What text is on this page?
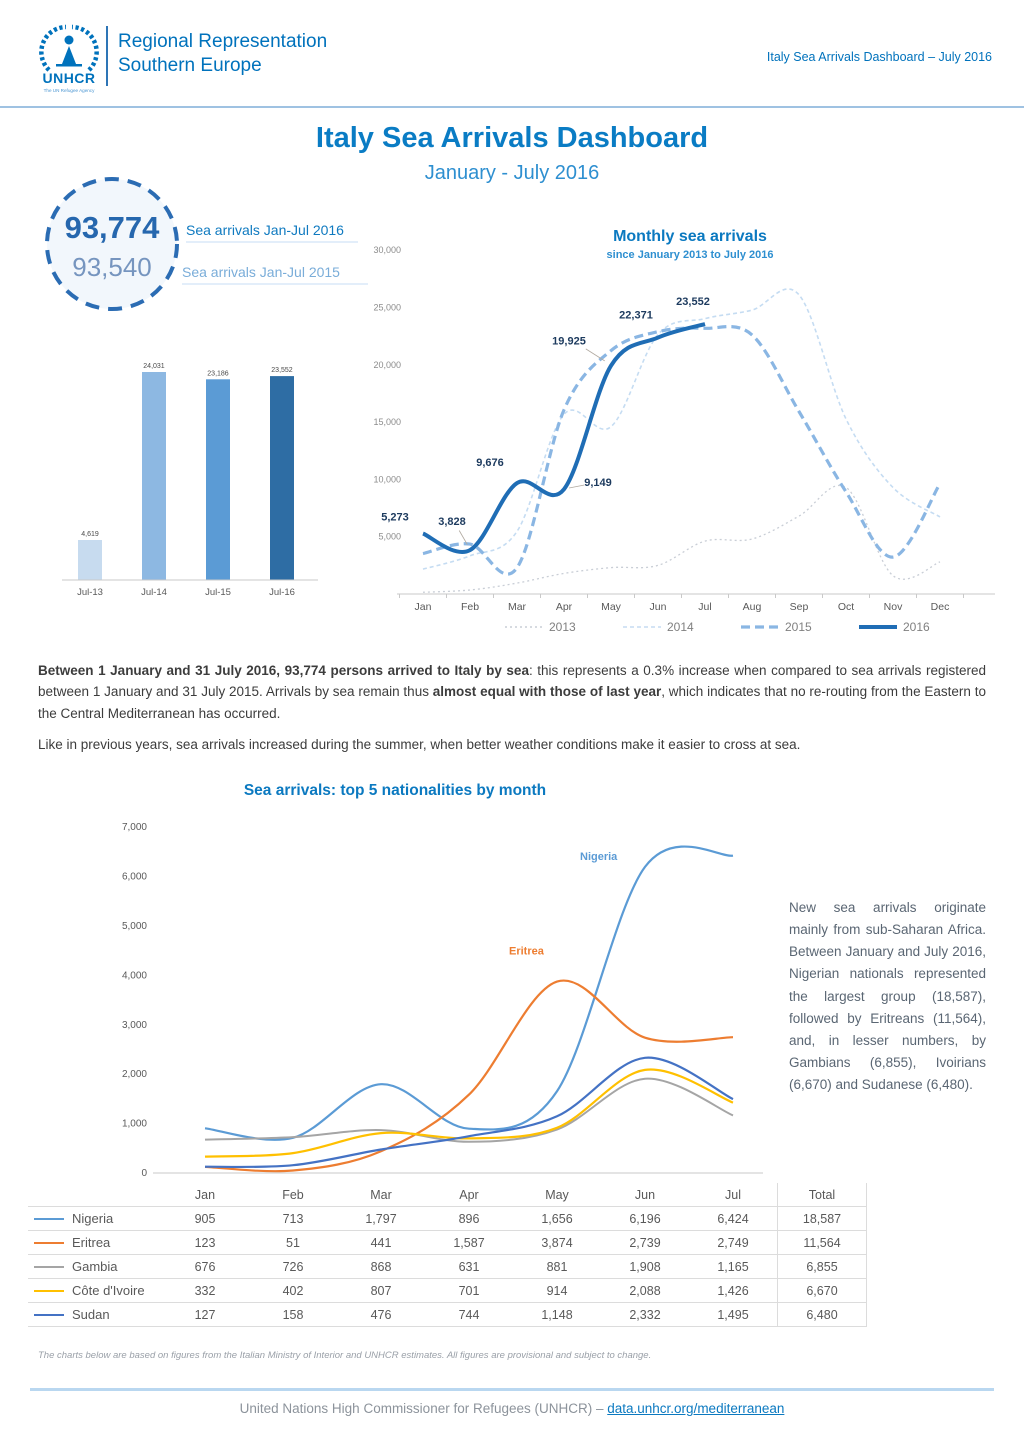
UNHCR
The UN Refugee Agency
Regional Representation
Southern Europe	Italy Sea Arrivals Dashboard – July 2016
Italy Sea Arrivals Dashboard
January - July 2016
93,774
93,540
Sea arrivals Jan-Jul 2016
Sea arrivals Jan-Jul 2015
4,619
Jul-13
24,031
Jul-14
23,186
Jul-15
23,552
Jul-16
Monthly sea arrivals
since January 2013 to July 2016
5,000
10,000
15,000
20,000
25,000
30,000
Jan	Feb	Mar	Apr	May	Jun	Jul	Aug	Sep	Oct	Nov	Dec
5,273	3,828
9,676
9,149
19,925
22,371
23,552
2013	2014	2015	2016

Between 1 January and 31 July 2016, 93,774 persons arrived to Italy by sea: this represents a 0.3% increase when compared to sea arrivals registered between 1 January and 31 July 2015. Arrivals by sea remain thus almost equal with those of last year, which indicates that no re-routing from the Eastern to the Central Mediterranean has occurred.

Like in previous years, sea arrivals increased during the summer, when better weather conditions make it easier to cross at sea.

Sea arrivals: top 5 nationalities by month
0
1,000
2,000
3,000
4,000
5,000
6,000
7,000
Nigeria
Eritrea
New sea arrivals originate mainly from sub-Saharan Africa. Between January and July 2016, Nigerian nationals represented the largest group (18,587), followed by Eritreans (11,564), and, in lesser numbers, by Gambians (6,855), Ivoirians (6,670) and Sudanese (6,480).
Jan	Feb	Mar	Apr	May	Jun	Jul	Total
Nigeria	905	713	1,797	896	1,656	6,196	6,424	18,587
Eritrea	123	51	441	1,587	3,874	2,739	2,749	11,564
Gambia	676	726	868	631	881	1,908	1,165	6,855
Côte d'Ivoire	332	402	807	701	914	2,088	1,426	6,670
Sudan	127	158	476	744	1,148	2,332	1,495	6,480
The charts below are based on figures from the Italian Ministry of Interior and UNHCR estimates. All figures are provisional and subject to change.
United Nations High Commissioner for Refugees (UNHCR) – data.unhcr.org/mediterranean
